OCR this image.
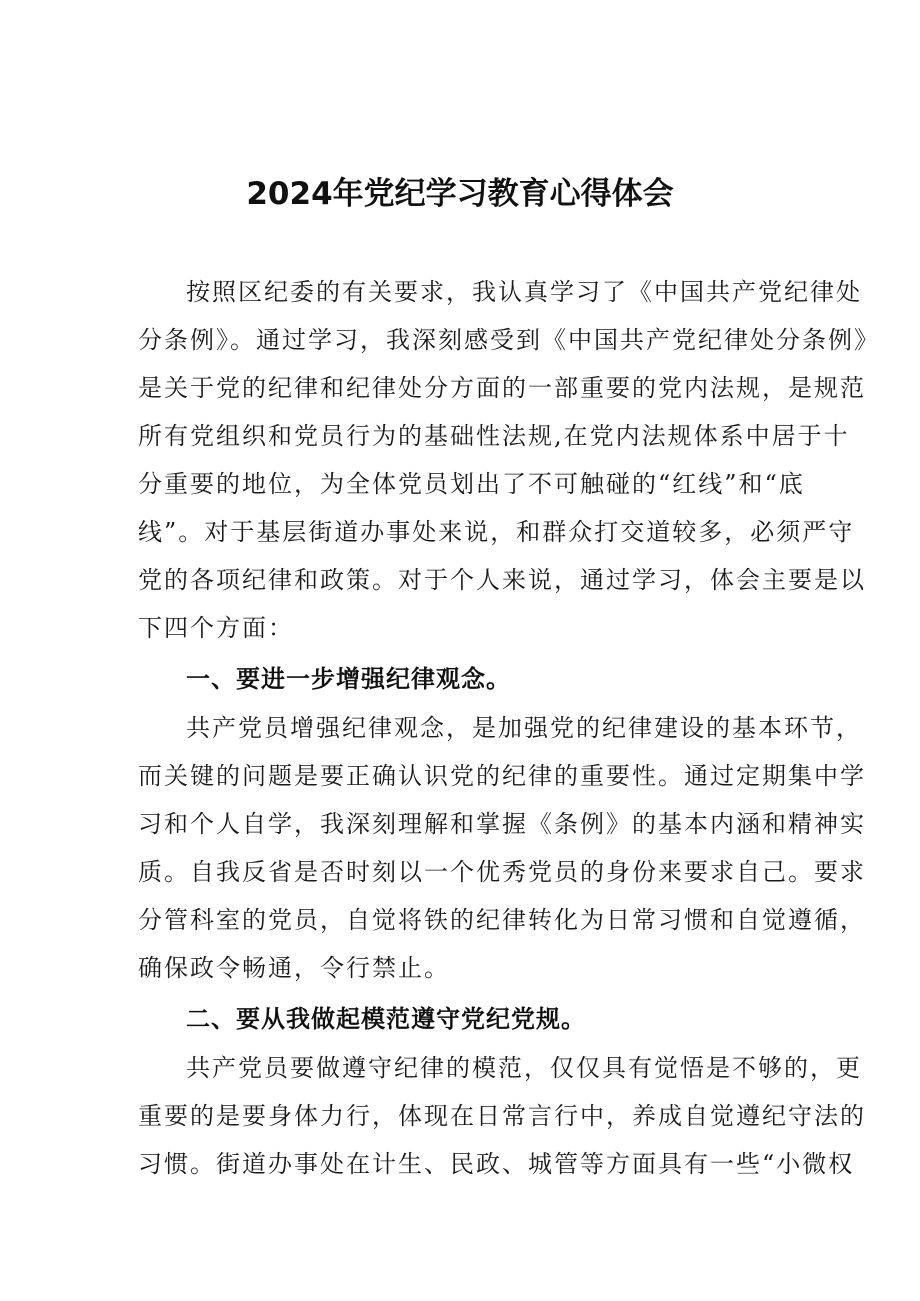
2024年党纪学习教育心得体会
按照区纪委的有关要求，我认真学习了《中国共产党纪律处
分条例》。通过学习，我深刻感受到《中国共产党纪律处分条例》
是关于党的纪律和纪律处分方面的一部重要的党内法规，是规范
所有党组织和党员行为的基础性法规,在党内法规体系中居于十
分重要的地位，为全体党员划出了不可触碰的“红线”和“底
线”。对于基层街道办事处来说，和群众打交道较多，必须严守
党的各项纪律和政策。对于个人来说，通过学习，体会主要是以
下四个方面：
一、要进一步增强纪律观念。
共产党员增强纪律观念，是加强党的纪律建设的基本环节，
而关键的问题是要正确认识党的纪律的重要性。通过定期集中学
习和个人自学，我深刻理解和掌握《条例》的基本内涵和精神实
质。自我反省是否时刻以一个优秀党员的身份来要求自己。要求
分管科室的党员，自觉将铁的纪律转化为日常习惯和自觉遵循，
确保政令畅通，令行禁止。
二、要从我做起模范遵守党纪党规。
共产党员要做遵守纪律的模范，仅仅具有觉悟是不够的，更
重要的是要身体力行，体现在日常言行中，养成自觉遵纪守法的
习惯。街道办事处在计生、民政、城管等方面具有一些“小微权
